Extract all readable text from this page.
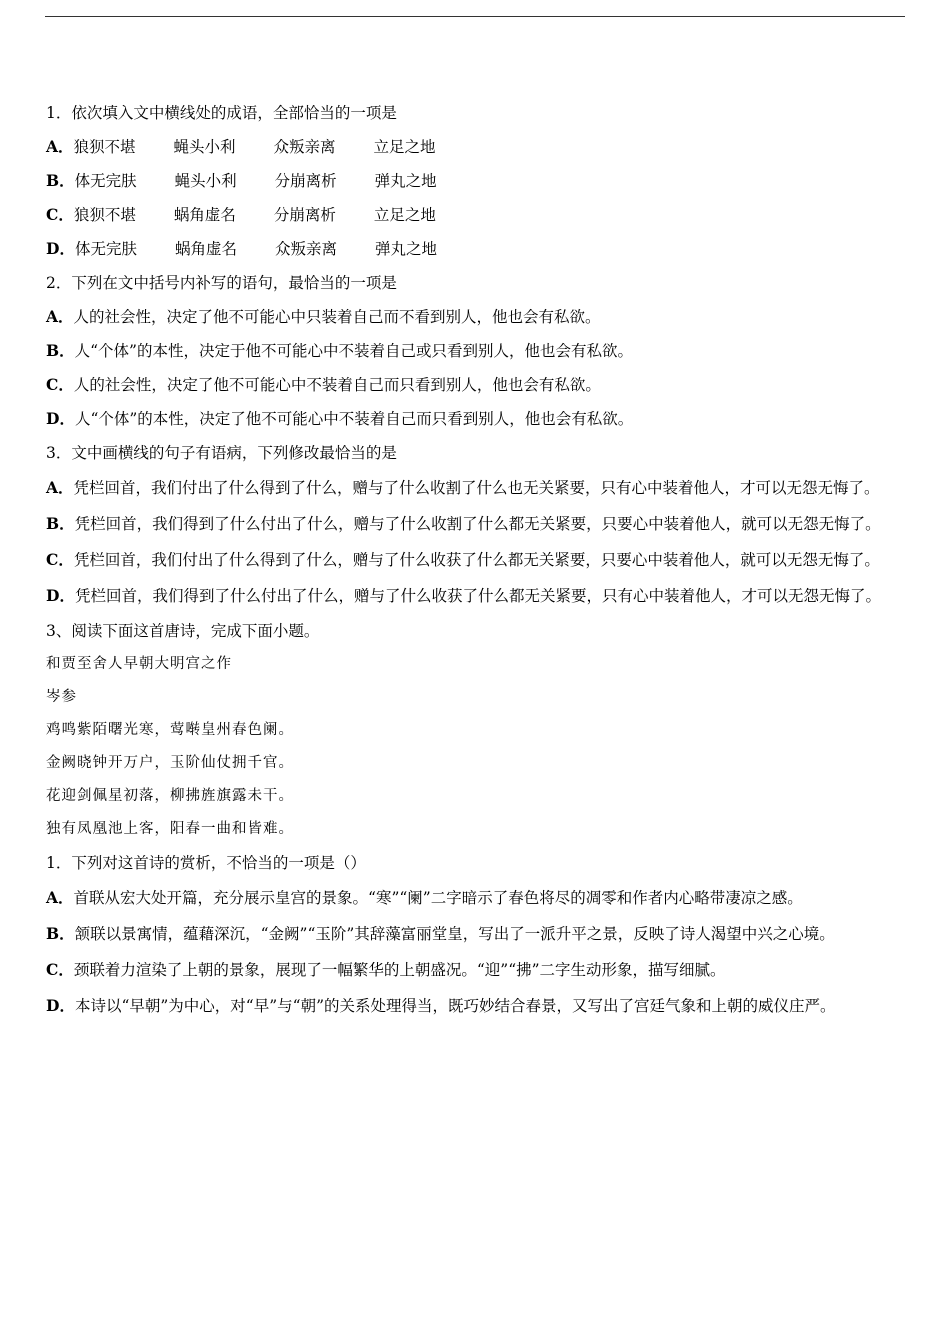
1．依次填入文中横线处的成语，全部恰当的一项是
A．狼狈不堪 蝇头小利 众叛亲离 立足之地
B．体无完肤 蝇头小利 分崩离析 弹丸之地
C．狼狈不堪 蜗角虚名 分崩离析 立足之地
D．体无完肤 蜗角虚名 众叛亲离 弹丸之地
2．下列在文中括号内补写的语句，最恰当的一项是
A．人的社会性，决定了他不可能心中只装着自己而不看到别人，他也会有私欲。
B．人“个体”的本性，决定于他不可能心中不装着自己或只看到别人，他也会有私欲。
C．人的社会性，决定了他不可能心中不装着自己而只看到别人，他也会有私欲。
D．人“个体”的本性，决定了他不可能心中不装着自己而只看到别人，他也会有私欲。
3．文中画横线的句子有语病，下列修改最恰当的是
A．凭栏回首，我们付出了什么得到了什么，赠与了什么收割了什么也无关紧要，只有心中装着他人，才可以无怨无悔了。
B．凭栏回首，我们得到了什么付出了什么，赠与了什么收割了什么都无关紧要，只要心中装着他人，就可以无怨无悔了。
C．凭栏回首，我们付出了什么得到了什么，赠与了什么收获了什么都无关紧要，只要心中装着他人，就可以无怨无悔了。
D．凭栏回首，我们得到了什么付出了什么，赠与了什么收获了什么都无关紧要，只有心中装着他人，才可以无怨无悔了。
3、阅读下面这首唐诗，完成下面小题。
和贾至舍人早朝大明宫之作
岑参
鸡鸣紫陌曙光寒，莺啭皇州春色阑。
金阙晓钟开万户，玉阶仙仗拥千官。
花迎剑佩星初落，柳拂旌旗露未干。
独有凤凰池上客，阳春一曲和皆难。
1．下列对这首诗的赏析，不恰当的一项是（）
A．首联从宏大处开篇，充分展示皇宫的景象。“寒”“阑”二字暗示了春色将尽的凋零和作者内心略带凄凉之感。
B．颔联以景寓情，蕴藉深沉，“金阙”“玉阶”其辞藻富丽堂皇，写出了一派升平之景，反映了诗人渴望中兴之心境。
C．颈联着力渲染了上朝的景象，展现了一幅繁华的上朝盛况。“迎”“拂”二字生动形象，描写细腻。
D．本诗以“早朝”为中心，对“早”与“朝”的关系处理得当，既巧妙结合春景，又写出了宫廷气象和上朝的威仪庄严。
